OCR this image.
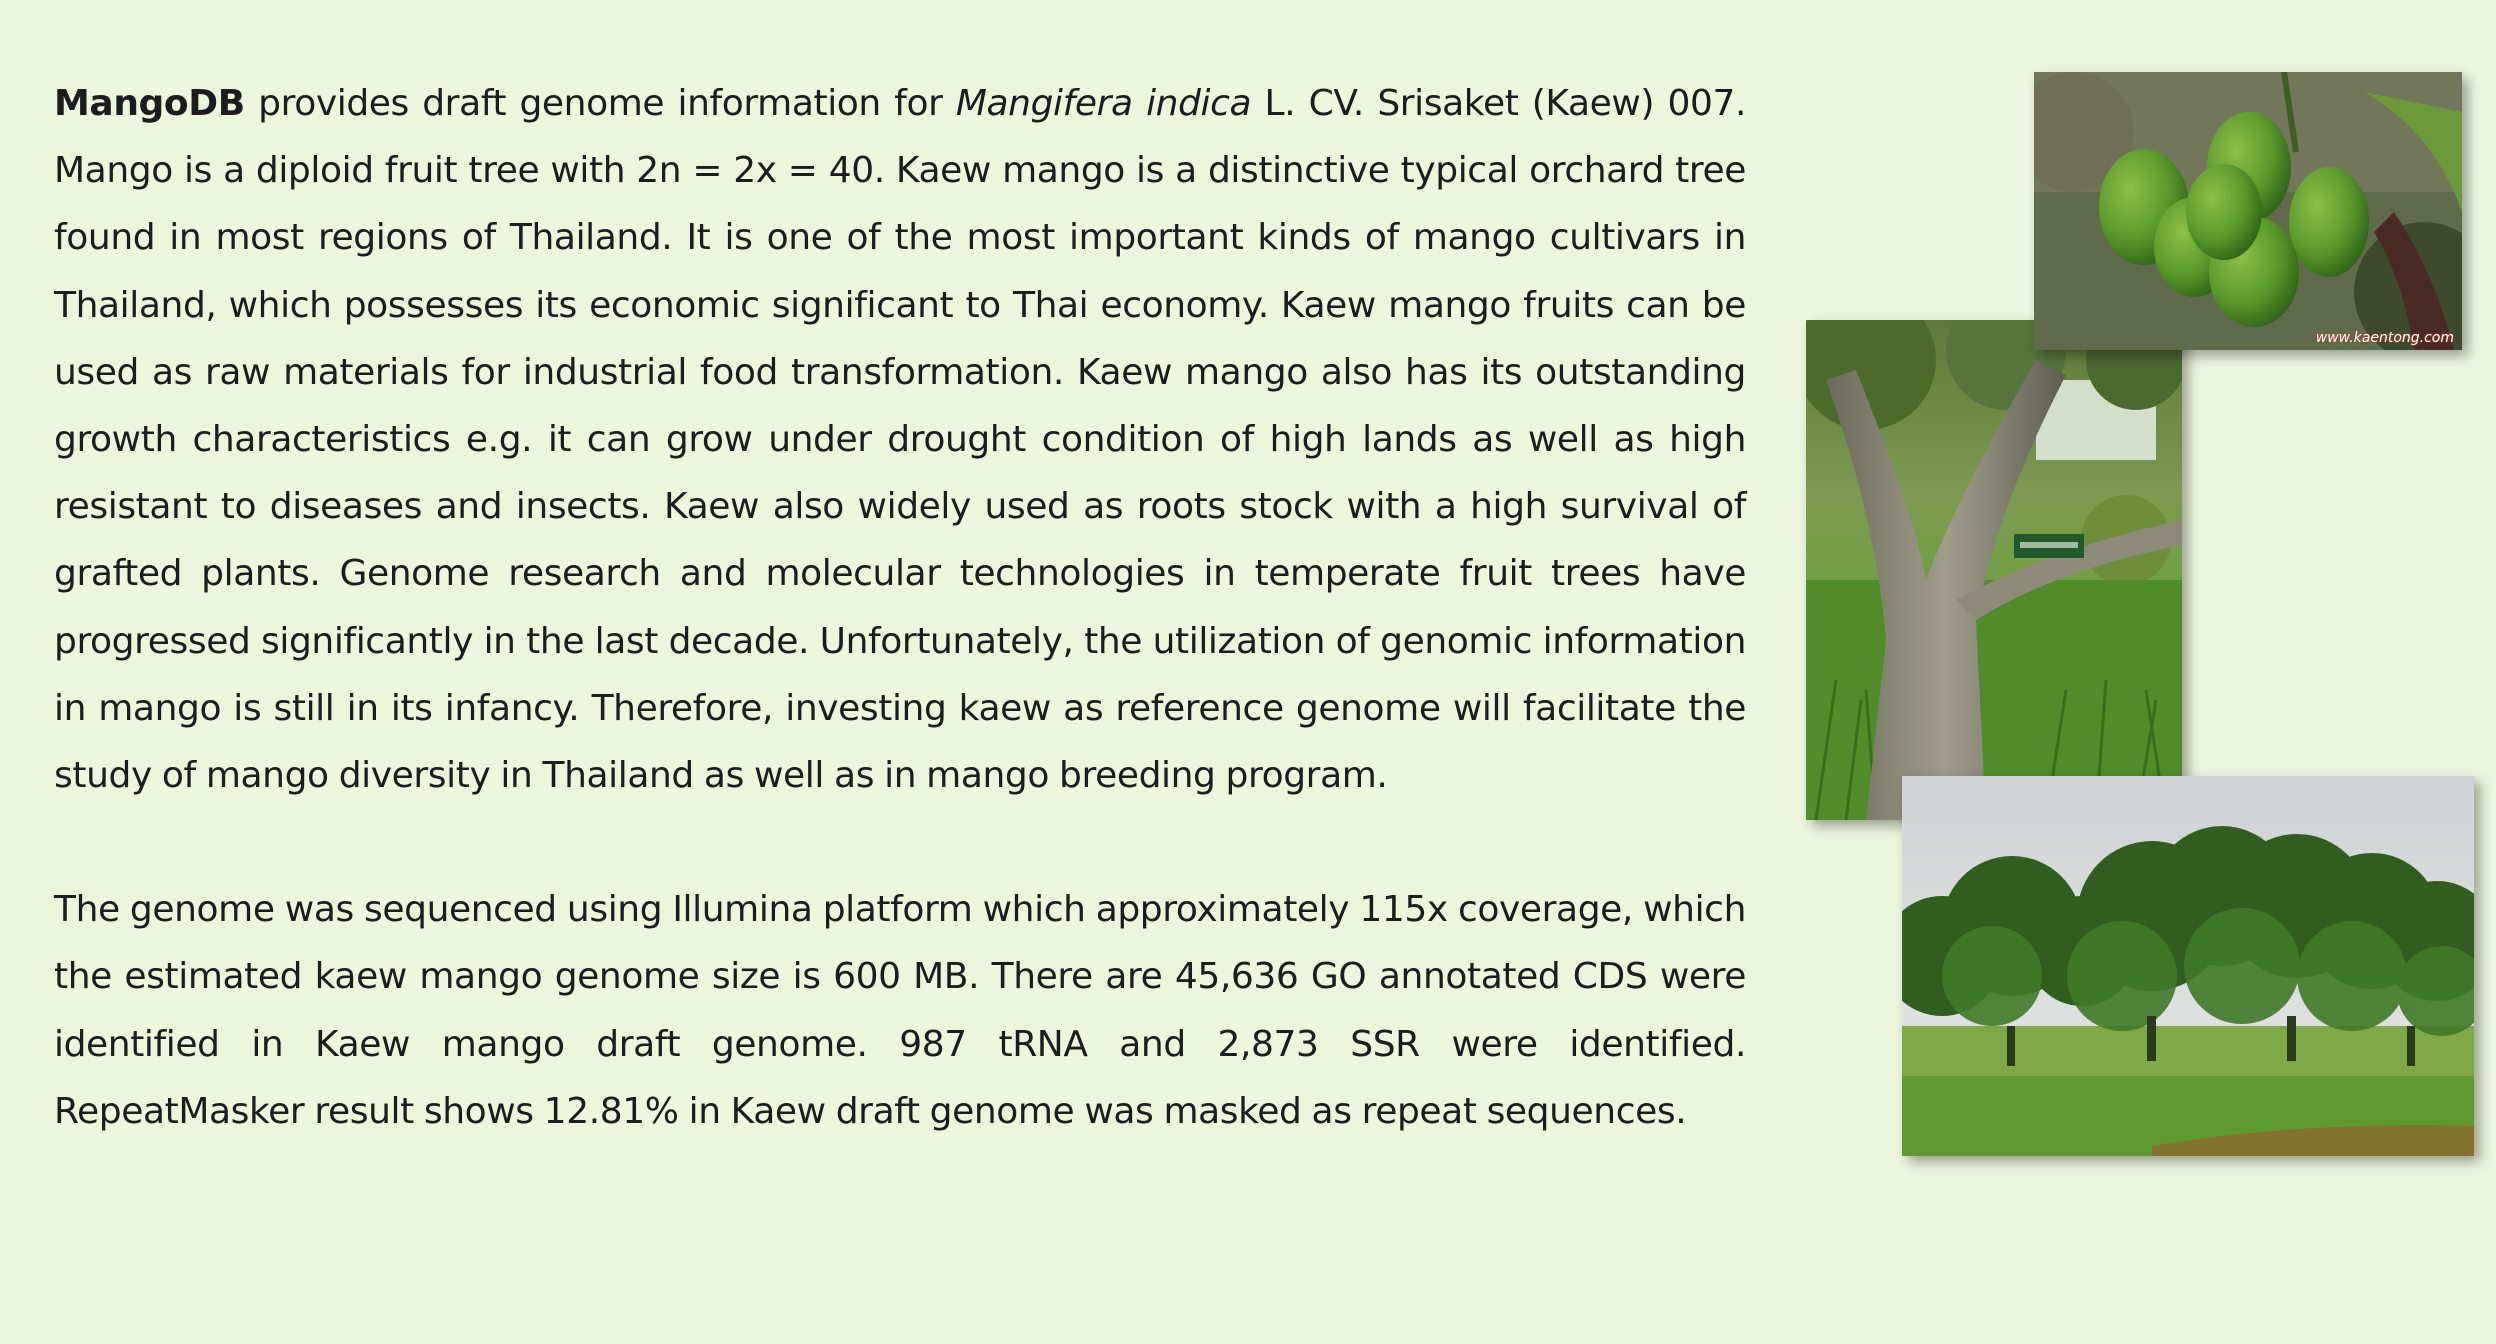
MangoDB provides draft genome information for Mangifera indica L. CV. Srisaket (Kaew) 007. Mango is a diploid fruit tree with 2n = 2x = 40. Kaew mango is a distinctive typical orchard tree found in most regions of Thailand. It is one of the most important kinds of mango cultivars in Thailand, which possesses its economic significant to Thai economy. Kaew mango fruits can be used as raw materials for industrial food transformation. Kaew mango also has its outstanding growth characteristics e.g. it can grow under drought condition of high lands as well as high resistant to diseases and insects. Kaew also widely used as roots stock with a high survival of grafted plants. Genome research and molecular technologies in temperate fruit trees have progressed significantly in the last decade. Unfortunately, the utilization of genomic information in mango is still in its infancy. Therefore, investing kaew as reference genome will facilitate the study of mango diversity in Thailand as well as in mango breeding program.

The genome was sequenced using Illumina platform which approximately 115x coverage, which the estimated kaew mango genome size is 600 MB. There are 45,636 GO annotated CDS were identified in Kaew mango draft genome. 987 tRNA and 2,873 SSR were identified. RepeatMasker result shows 12.81% in Kaew draft genome was masked as repeat sequences.

www.kaentong.com
